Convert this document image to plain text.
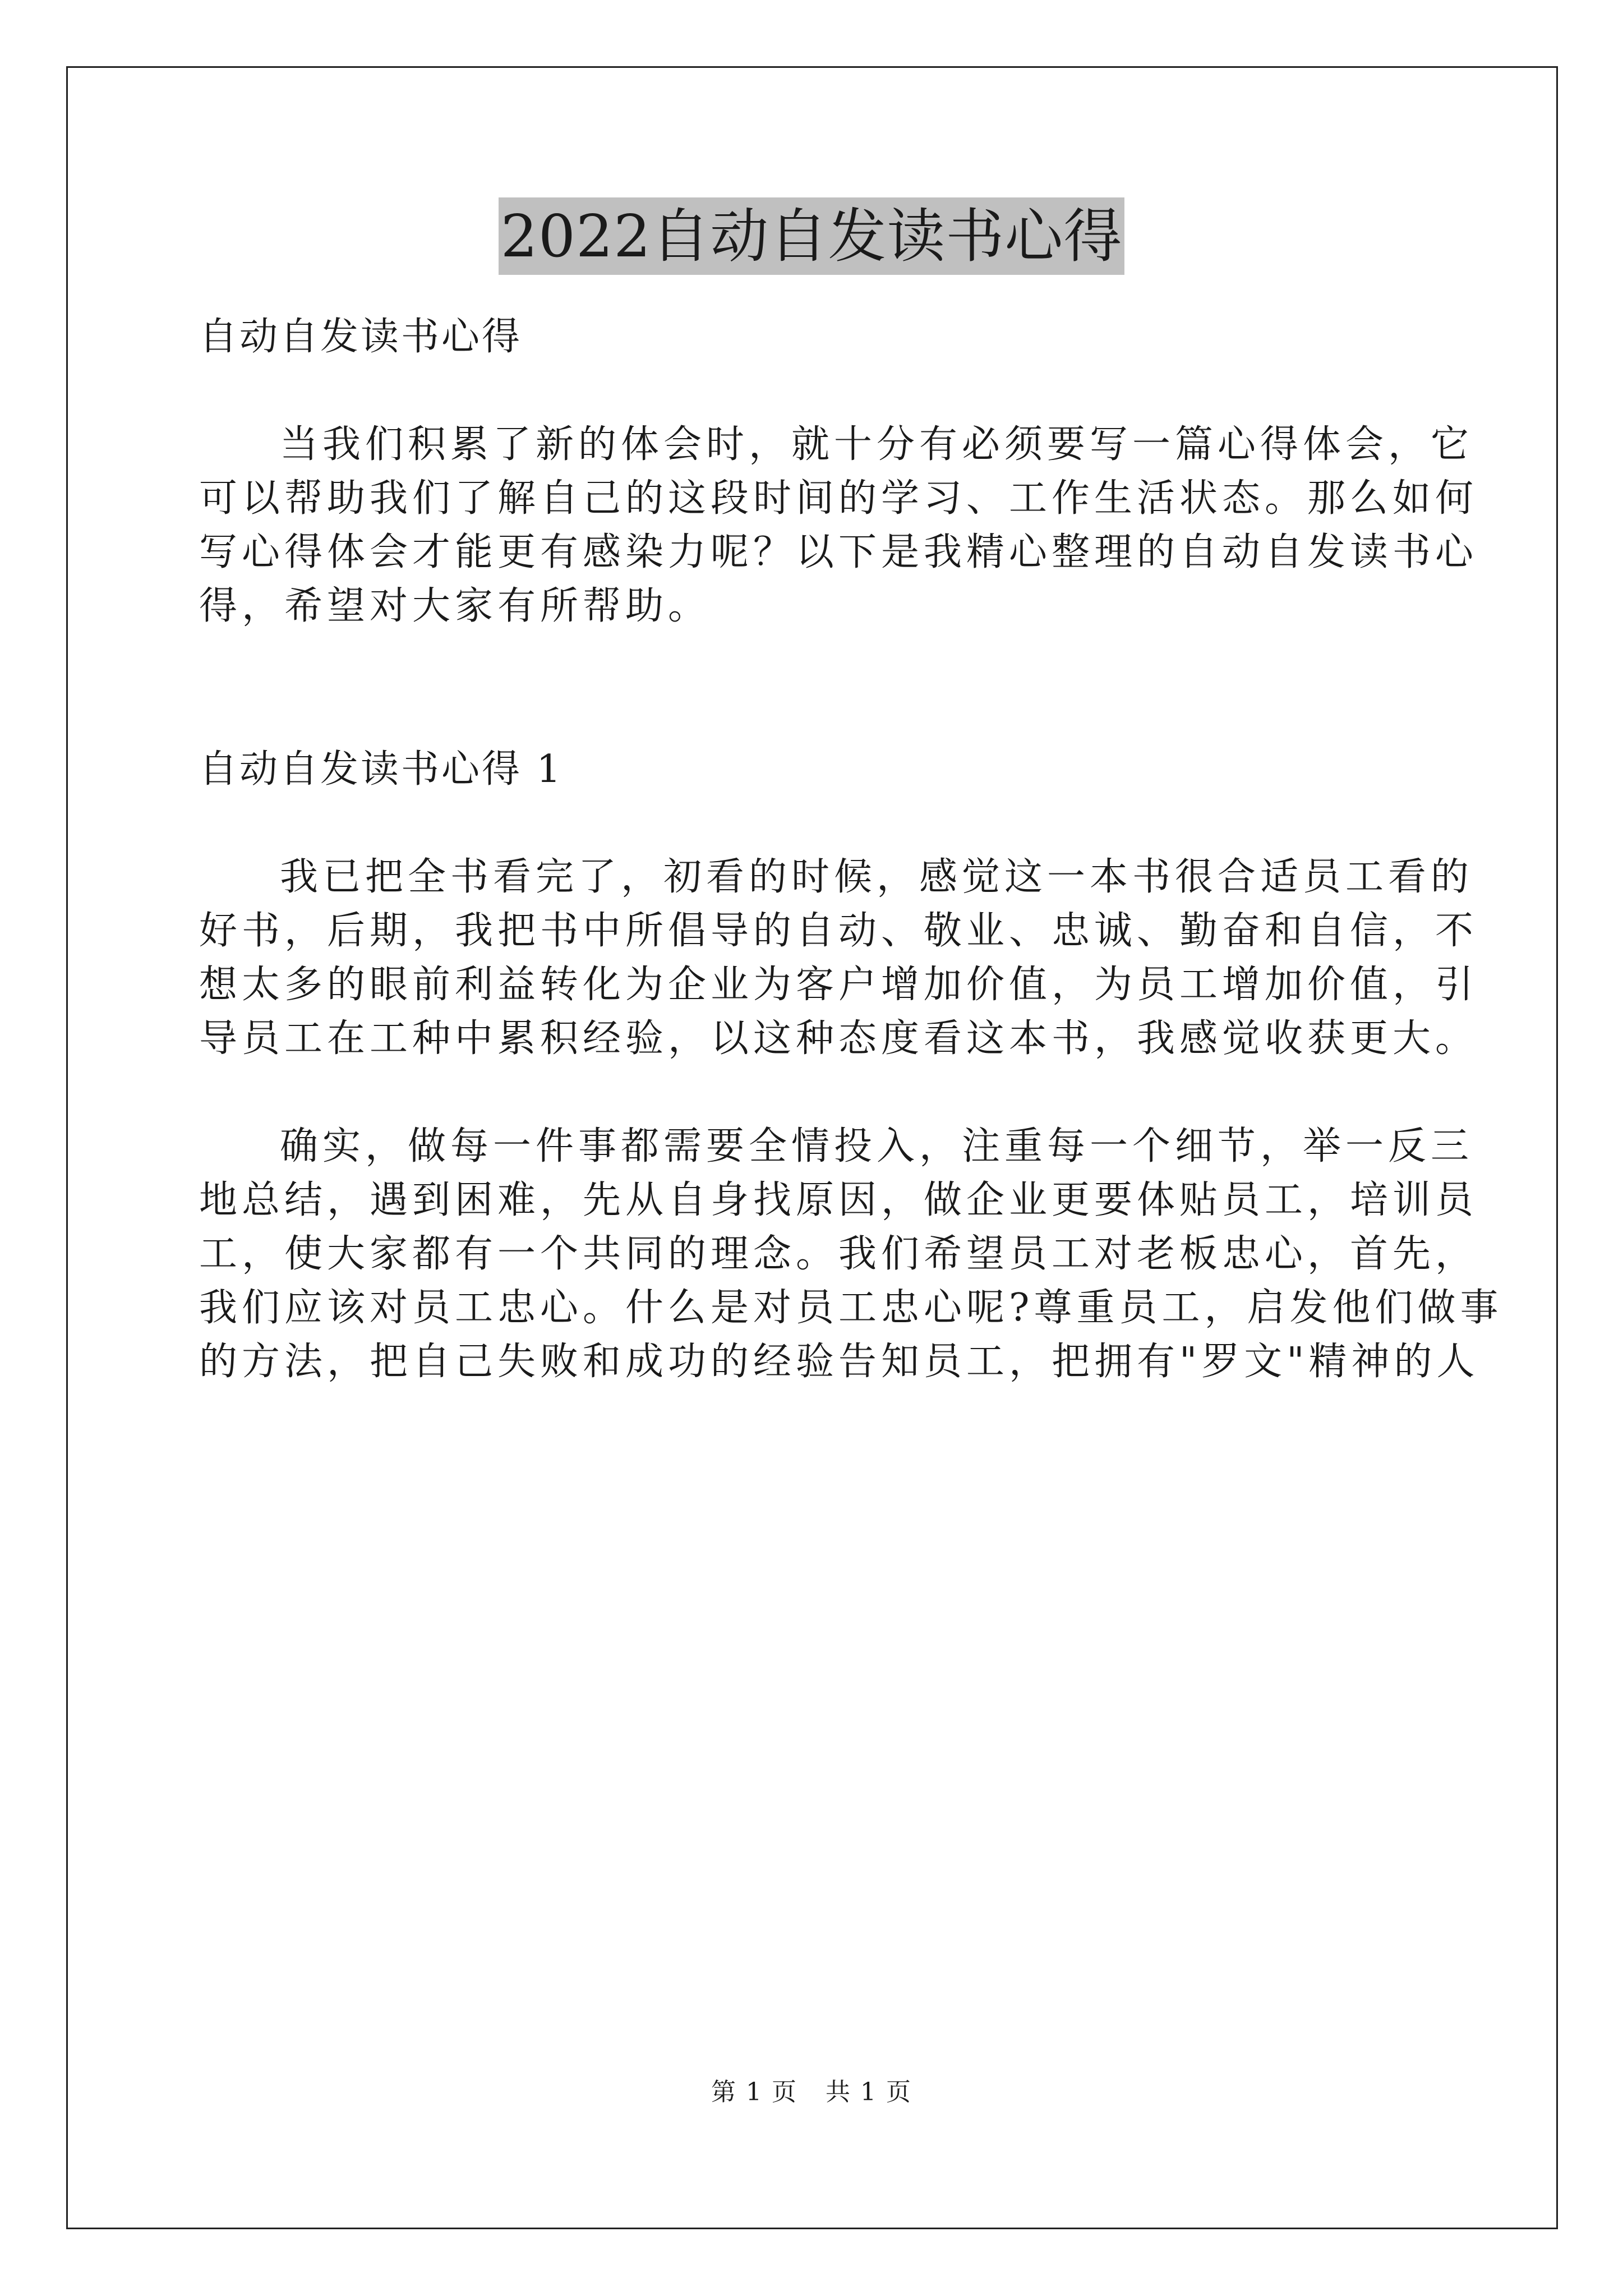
2022自动自发读书心得
自动自发读书心得
当我们积累了新的体会时，就十分有必须要写一篇心得体会，它
可以帮助我们了解自己的这段时间的学习、工作生活状态。那么如何
写心得体会才能更有感染力呢？以下是我精心整理的自动自发读书心
得，希望对大家有所帮助。
自动自发读书心得 1
我已把全书看完了，初看的时候，感觉这一本书很合适员工看的
好书，后期，我把书中所倡导的自动、敬业、忠诚、勤奋和自信，不
想太多的眼前利益转化为企业为客户增加价值，为员工增加价值，引
导员工在工种中累积经验，以这种态度看这本书，我感觉收获更大。
确实，做每一件事都需要全情投入，注重每一个细节，举一反三
地总结，遇到困难，先从自身找原因，做企业更要体贴员工，培训员
工，使大家都有一个共同的理念。我们希望员工对老板忠心，首先，
我们应该对员工忠心。什么是对员工忠心呢?尊重员工，启发他们做事
的方法，把自己失败和成功的经验告知员工，把拥有"罗文"精神的人
第 1 页 共 1 页
